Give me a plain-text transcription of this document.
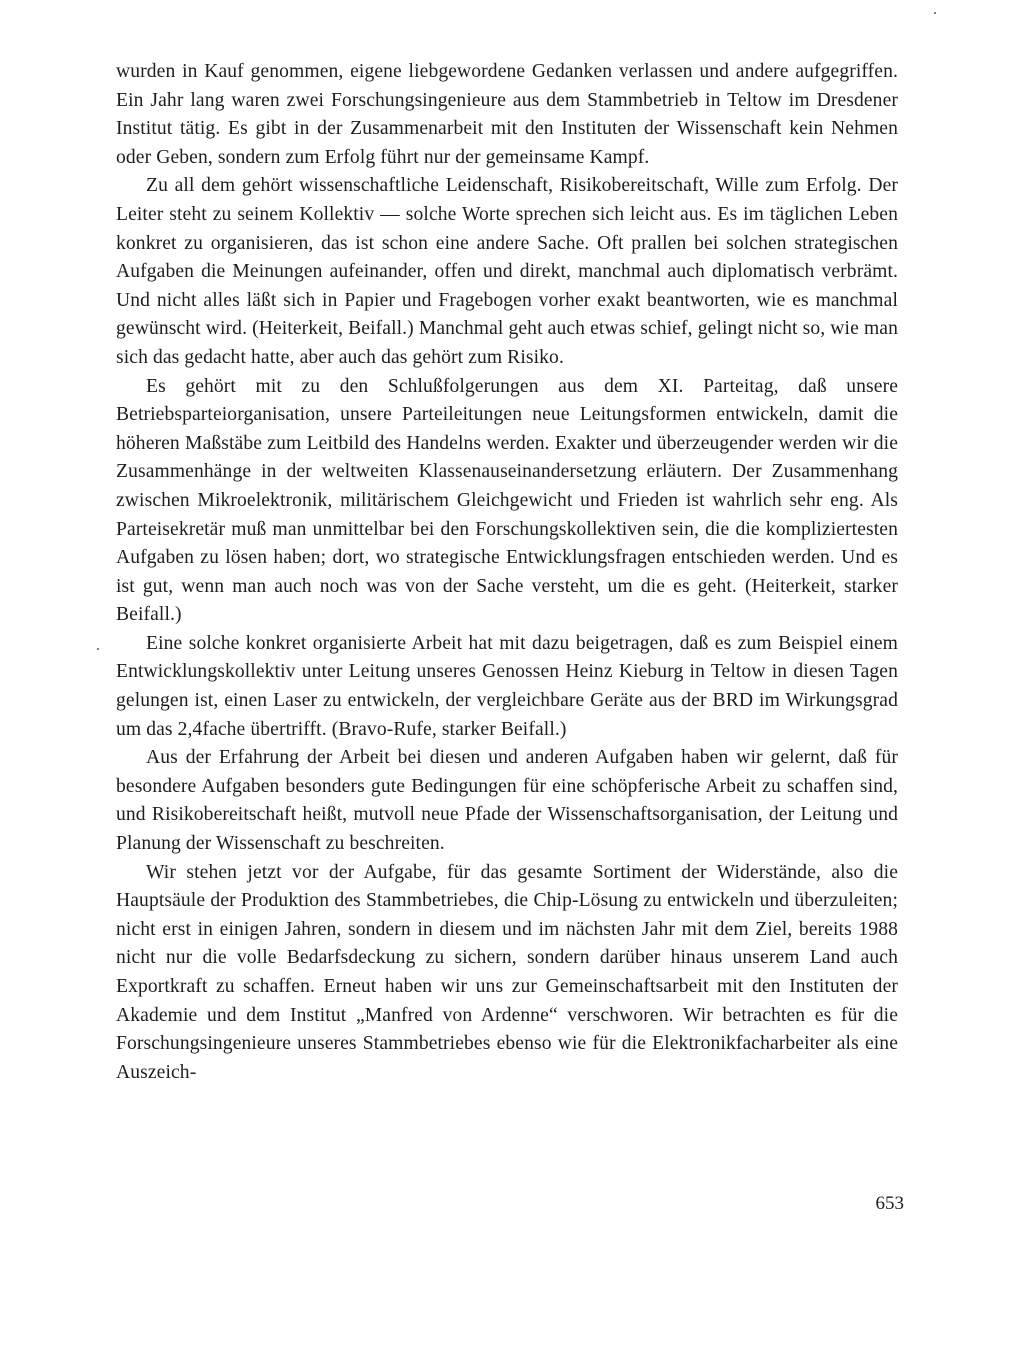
wurden in Kauf genommen, eigene liebgewordene Gedanken verlassen und andere aufgegriffen. Ein Jahr lang waren zwei Forschungsingenieure aus dem Stammbetrieb in Teltow im Dresdener Institut tätig. Es gibt in der Zusammenarbeit mit den Instituten der Wissenschaft kein Nehmen oder Geben, sondern zum Erfolg führt nur der gemeinsame Kampf.

Zu all dem gehört wissenschaftliche Leidenschaft, Risikobereitschaft, Wille zum Erfolg. Der Leiter steht zu seinem Kollektiv — solche Worte sprechen sich leicht aus. Es im täglichen Leben konkret zu organisieren, das ist schon eine andere Sache. Oft prallen bei solchen strategischen Aufgaben die Meinungen aufeinander, offen und direkt, manchmal auch diplomatisch verbrämt. Und nicht alles läßt sich in Papier und Fragebogen vorher exakt beantworten, wie es manchmal gewünscht wird. (Heiterkeit, Beifall.) Manchmal geht auch etwas schief, gelingt nicht so, wie man sich das gedacht hatte, aber auch das gehört zum Risiko.

Es gehört mit zu den Schlußfolgerungen aus dem XI. Parteitag, daß unsere Betriebsparteiorganisation, unsere Parteileitungen neue Leitungsformen entwickeln, damit die höheren Maßstäbe zum Leitbild des Handelns werden. Exakter und überzeugender werden wir die Zusammenhänge in der weltweiten Klassenauseinandersetzung erläutern. Der Zusammenhang zwischen Mikroelektronik, militärischem Gleichgewicht und Frieden ist wahrlich sehr eng. Als Parteisekretär muß man unmittelbar bei den Forschungskollektiven sein, die die kompliziertesten Aufgaben zu lösen haben; dort, wo strategische Entwicklungsfragen entschieden werden. Und es ist gut, wenn man auch noch was von der Sache versteht, um die es geht. (Heiterkeit, starker Beifall.)

Eine solche konkret organisierte Arbeit hat mit dazu beigetragen, daß es zum Beispiel einem Entwicklungskollektiv unter Leitung unseres Genossen Heinz Kieburg in Teltow in diesen Tagen gelungen ist, einen Laser zu entwickeln, der vergleichbare Geräte aus der BRD im Wirkungsgrad um das 2,4fache übertrifft. (Bravo-Rufe, starker Beifall.)

Aus der Erfahrung der Arbeit bei diesen und anderen Aufgaben haben wir gelernt, daß für besondere Aufgaben besonders gute Bedingungen für eine schöpferische Arbeit zu schaffen sind, und Risikobereitschaft heißt, mutvoll neue Pfade der Wissenschaftsorganisation, der Leitung und Planung der Wissenschaft zu beschreiten.

Wir stehen jetzt vor der Aufgabe, für das gesamte Sortiment der Widerstände, also die Hauptsäule der Produktion des Stammbetriebes, die Chip-Lösung zu entwickeln und überzuleiten; nicht erst in einigen Jahren, sondern in diesem und im nächsten Jahr mit dem Ziel, bereits 1988 nicht nur die volle Bedarfsdeckung zu sichern, sondern darüber hinaus unserem Land auch Exportkraft zu schaffen. Erneut haben wir uns zur Gemeinschaftsarbeit mit den Instituten der Akademie und dem Institut „Manfred von Ardenne“ verschworen. Wir betrachten es für die Forschungsingenieure unseres Stammbetriebes ebenso wie für die Elektronikfacharbeiter als eine Auszeich-

653
